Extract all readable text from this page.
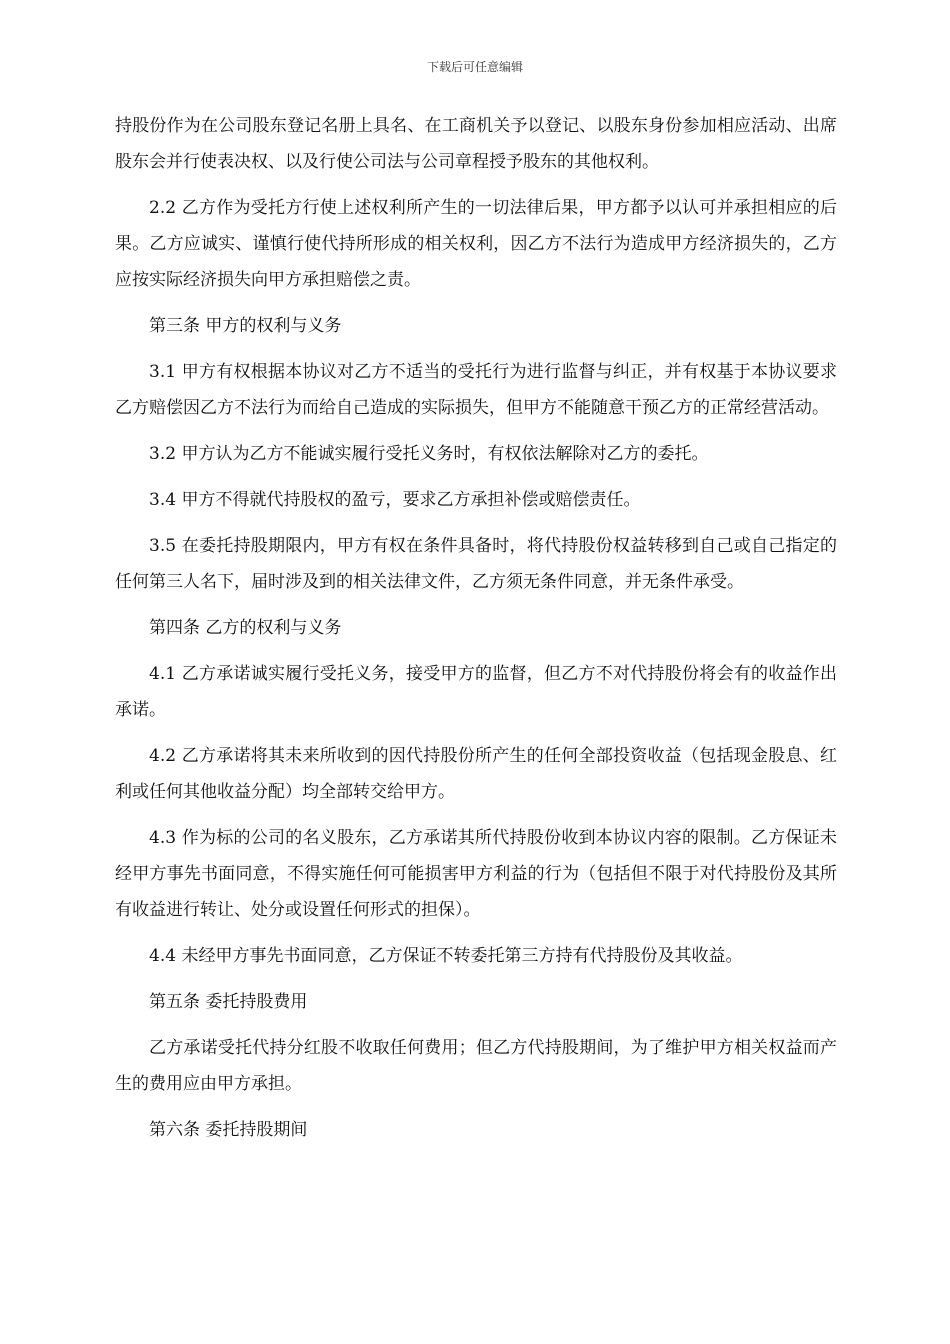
下载后可任意编辑

持股份作为在公司股东登记名册上具名、在工商机关予以登记、以股东身份参加相应活动、出席股东会并行使表决权、以及行使公司法与公司章程授予股东的其他权利。

2.2 乙方作为受托方行使上述权利所产生的一切法律后果，甲方都予以认可并承担相应的后果。乙方应诚实、谨慎行使代持所形成的相关权利，因乙方不法行为造成甲方经济损失的，乙方应按实际经济损失向甲方承担赔偿之责。

第三条 甲方的权利与义务

3.1 甲方有权根据本协议对乙方不适当的受托行为进行监督与纠正，并有权基于本协议要求乙方赔偿因乙方不法行为而给自己造成的实际损失，但甲方不能随意干预乙方的正常经营活动。

3.2 甲方认为乙方不能诚实履行受托义务时，有权依法解除对乙方的委托。

3.4 甲方不得就代持股权的盈亏，要求乙方承担补偿或赔偿责任。

3.5 在委托持股期限内，甲方有权在条件具备时，将代持股份权益转移到自己或自己指定的任何第三人名下，届时涉及到的相关法律文件，乙方须无条件同意，并无条件承受。

第四条 乙方的权利与义务

4.1 乙方承诺诚实履行受托义务，接受甲方的监督，但乙方不对代持股份将会有的收益作出承诺。

4.2 乙方承诺将其未来所收到的因代持股份所产生的任何全部投资收益（包括现金股息、红利或任何其他收益分配）均全部转交给甲方。

4.3 作为标的公司的名义股东，乙方承诺其所代持股份收到本协议内容的限制。乙方保证未经甲方事先书面同意，不得实施任何可能损害甲方利益的行为（包括但不限于对代持股份及其所有收益进行转让、处分或设置任何形式的担保）。

4.4 未经甲方事先书面同意，乙方保证不转委托第三方持有代持股份及其收益。

第五条 委托持股费用

乙方承诺受托代持分红股不收取任何费用；但乙方代持股期间，为了维护甲方相关权益而产生的费用应由甲方承担。

第六条 委托持股期间
